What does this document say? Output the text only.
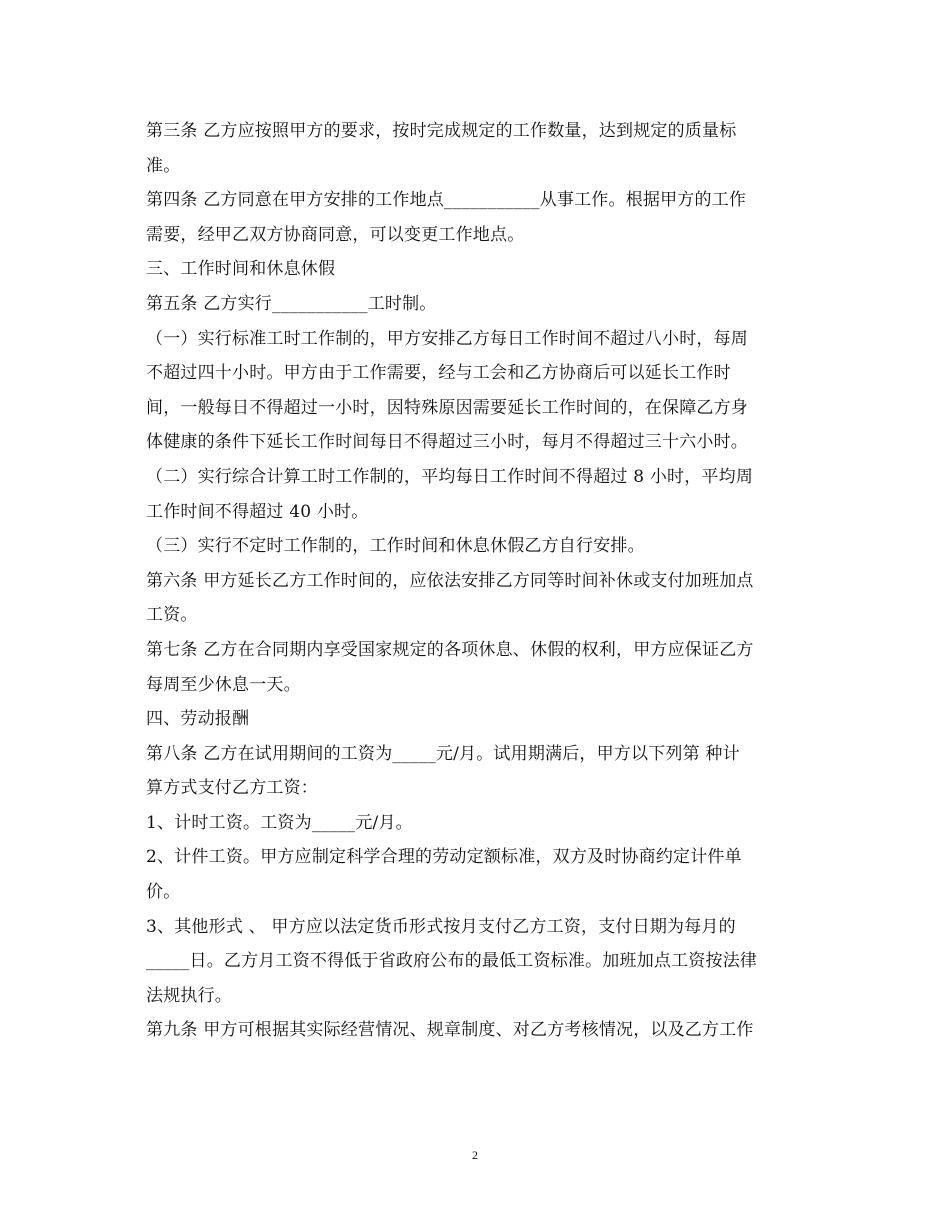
第三条 乙方应按照甲方的要求，按时完成规定的工作数量，达到规定的质量标
准。
第四条 乙方同意在甲方安排的工作地点___________从事工作。根据甲方的工作
需要，经甲乙双方协商同意，可以变更工作地点。
三、工作时间和休息休假
第五条 乙方实行___________工时制。
（一）实行标准工时工作制的，甲方安排乙方每日工作时间不超过八小时，每周
不超过四十小时。甲方由于工作需要，经与工会和乙方协商后可以延长工作时
间，一般每日不得超过一小时，因特殊原因需要延长工作时间的，在保障乙方身
体健康的条件下延长工作时间每日不得超过三小时，每月不得超过三十六小时。
（二）实行综合计算工时工作制的，平均每日工作时间不得超过 8 小时，平均周
工作时间不得超过 40 小时。
（三）实行不定时工作制的，工作时间和休息休假乙方自行安排。
第六条 甲方延长乙方工作时间的，应依法安排乙方同等时间补休或支付加班加点
工资。
第七条 乙方在合同期内享受国家规定的各项休息、休假的权利，甲方应保证乙方
每周至少休息一天。
四、劳动报酬
第八条 乙方在试用期间的工资为_____元/月。试用期满后，甲方以下列第 种计
算方式支付乙方工资：
1、计时工资。工资为_____元/月。
2、计件工资。甲方应制定科学合理的劳动定额标准，双方及时协商约定计件单
价。
3、其他形式 、 甲方应以法定货币形式按月支付乙方工资，支付日期为每月的
_____日。乙方月工资不得低于省政府公布的最低工资标准。加班加点工资按法律
法规执行。
第九条 甲方可根据其实际经营情况、规章制度、对乙方考核情况，以及乙方工作
2
